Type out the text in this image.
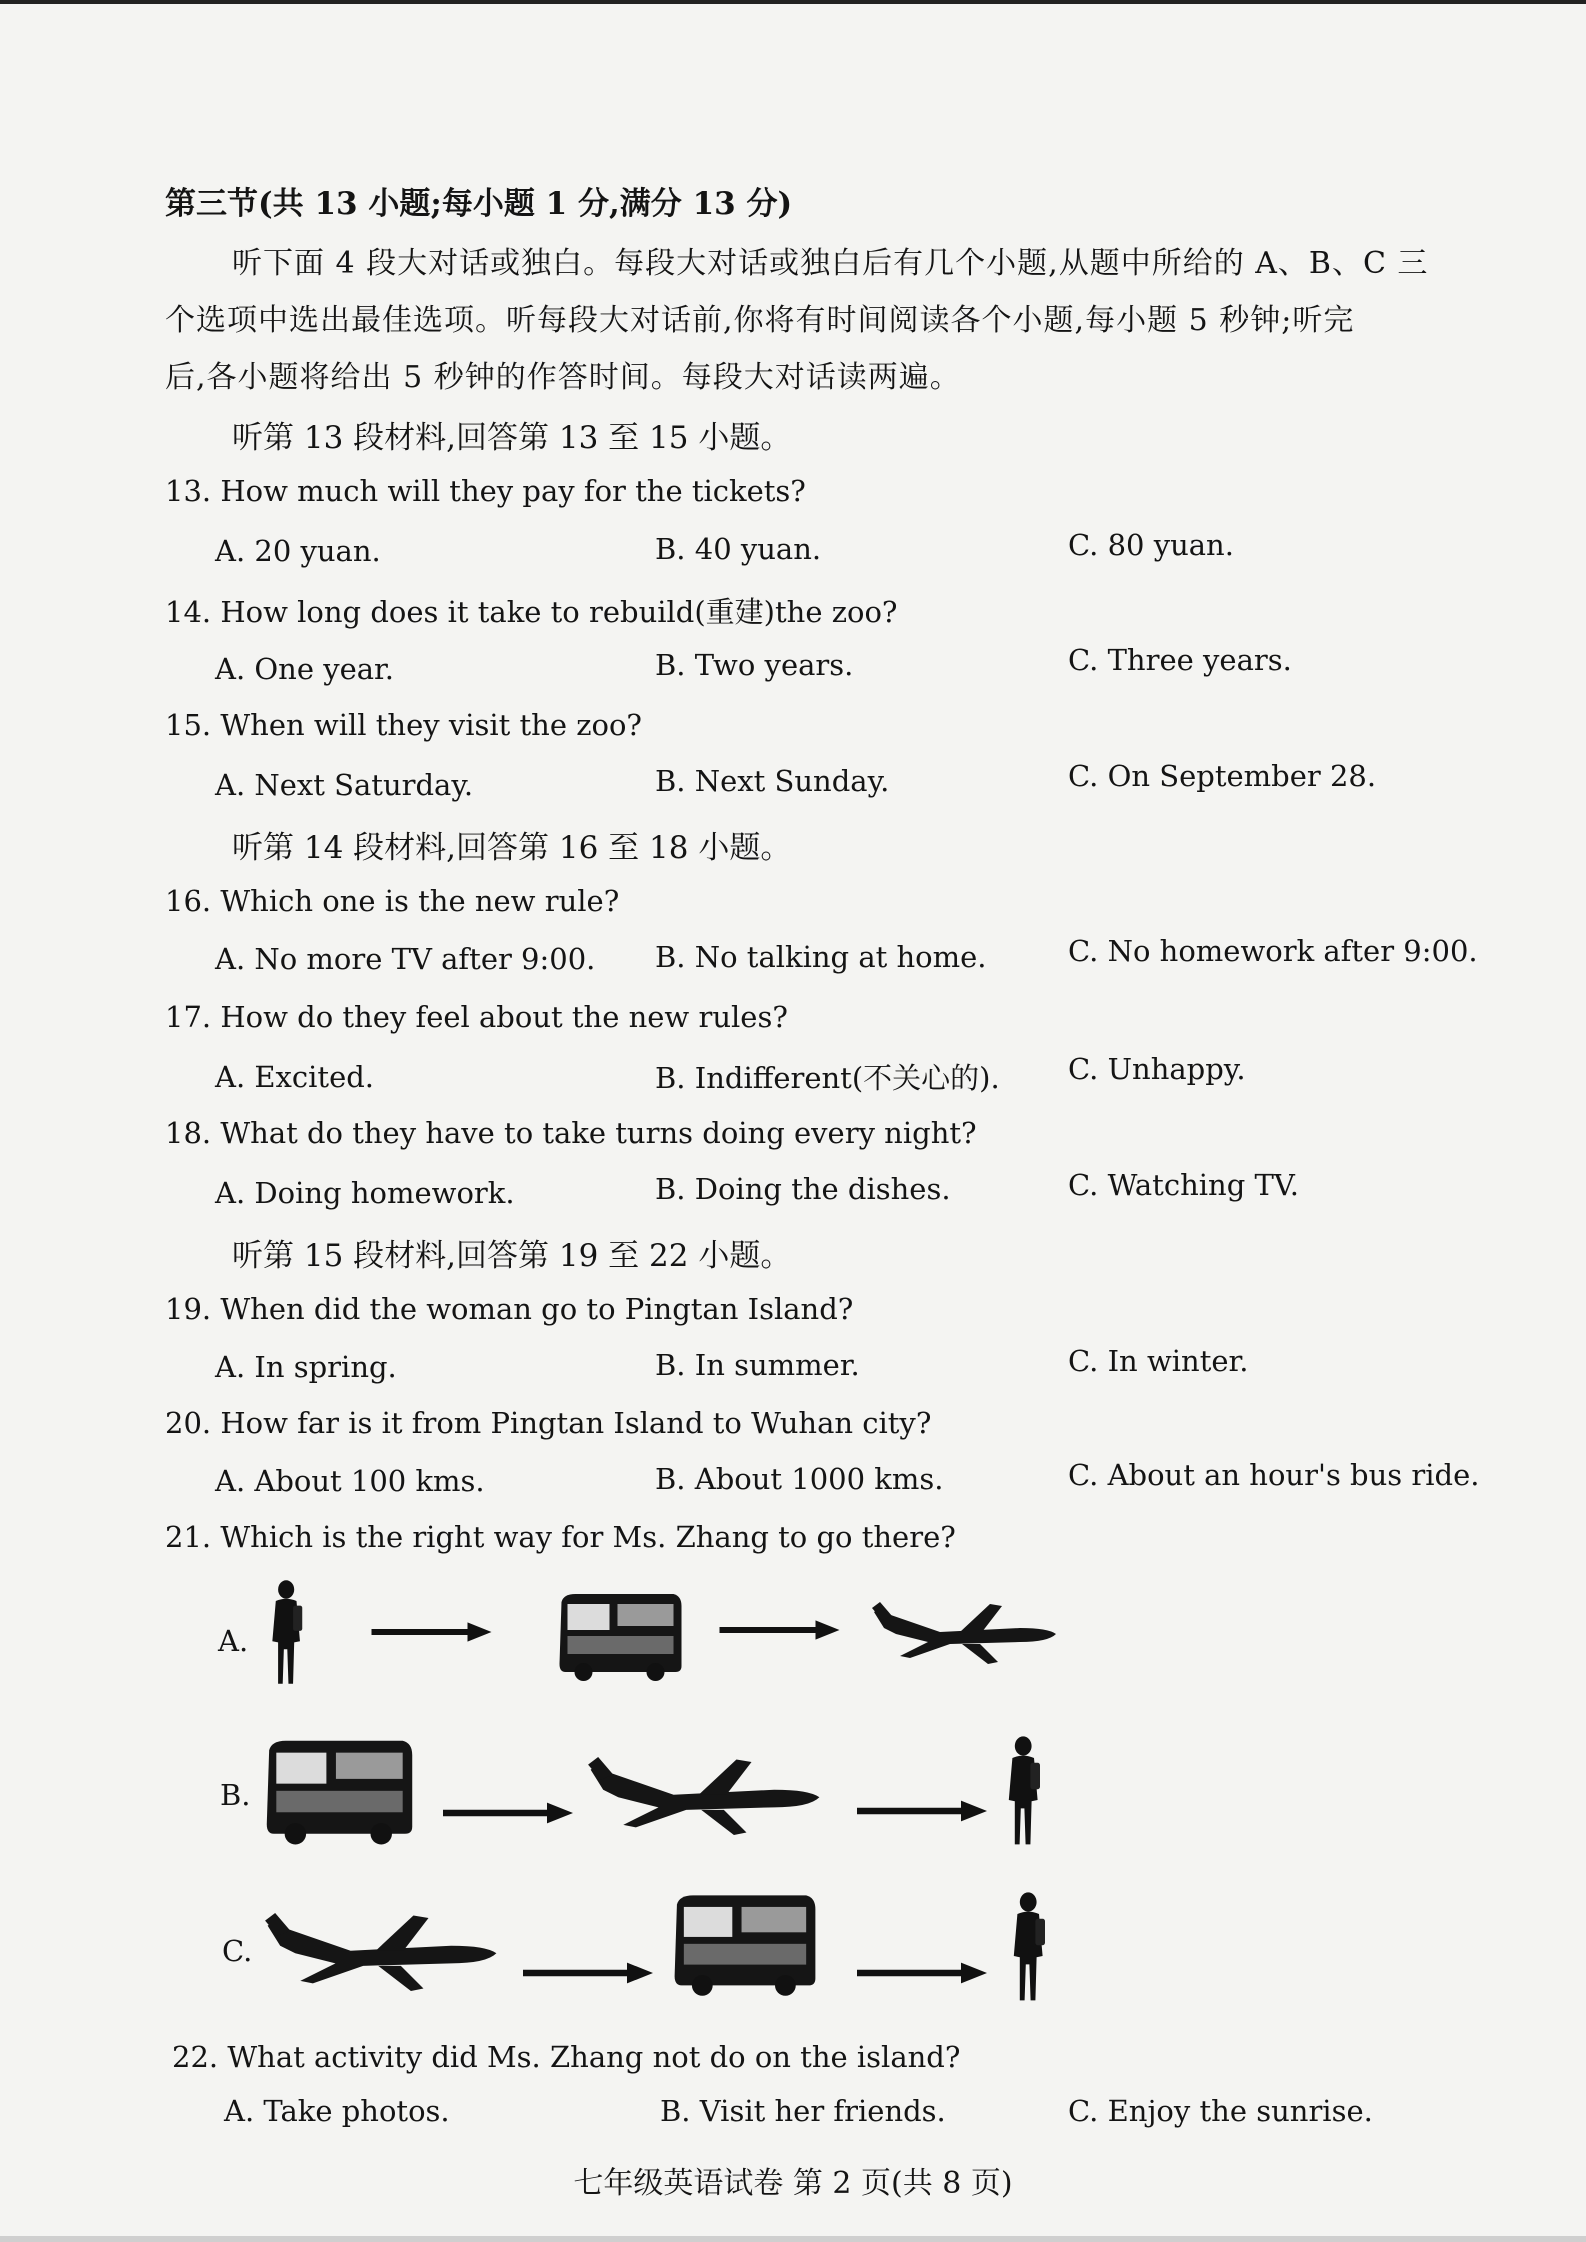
第三节(共 13 小题;每小题 1 分,满分 13 分)
听下面 4 段大对话或独白。每段大对话或独白后有几个小题,从题中所给的 A、B、C 三
个选项中选出最佳选项。听每段大对话前,你将有时间阅读各个小题,每小题 5 秒钟;听完
后,各小题将给出 5 秒钟的作答时间。每段大对话读两遍。
听第 13 段材料,回答第 13 至 15 小题。
13. How much will they pay for the tickets?
A. 20 yuan.	B. 40 yuan.	C. 80 yuan.
14. How long does it take to rebuild(重建)the zoo?
A. One year.	B. Two years.	C. Three years.
15. When will they visit the zoo?
A. Next Saturday.	B. Next Sunday.	C. On September 28.
听第 14 段材料,回答第 16 至 18 小题。
16. Which one is the new rule?
A. No more TV after 9:00. B. No talking at home.	C. No homework after 9:00.
17. How do they feel about the new rules?
A. Excited.	B. Indifferent(不关心的). C. Unhappy.
18. What do they have to take turns doing every night?
A. Doing homework.	B. Doing the dishes.	C. Watching TV.
听第 15 段材料,回答第 19 至 22 小题。
19. When did the woman go to Pingtan Island?
A. In spring.	B. In summer.	C. In winter.
20. How far is it from Pingtan Island to Wuhan city?
A. About 100 kms.	B. About 1000 kms.	C. About an hour's bus ride.
21. Which is the right way for Ms. Zhang to go there?
A.
B.
C.
22. What activity did Ms. Zhang not do on the island?
A. Take photos.	B. Visit her friends.	C. Enjoy the sunrise.
七年级英语试卷 第 2 页(共 8 页)
